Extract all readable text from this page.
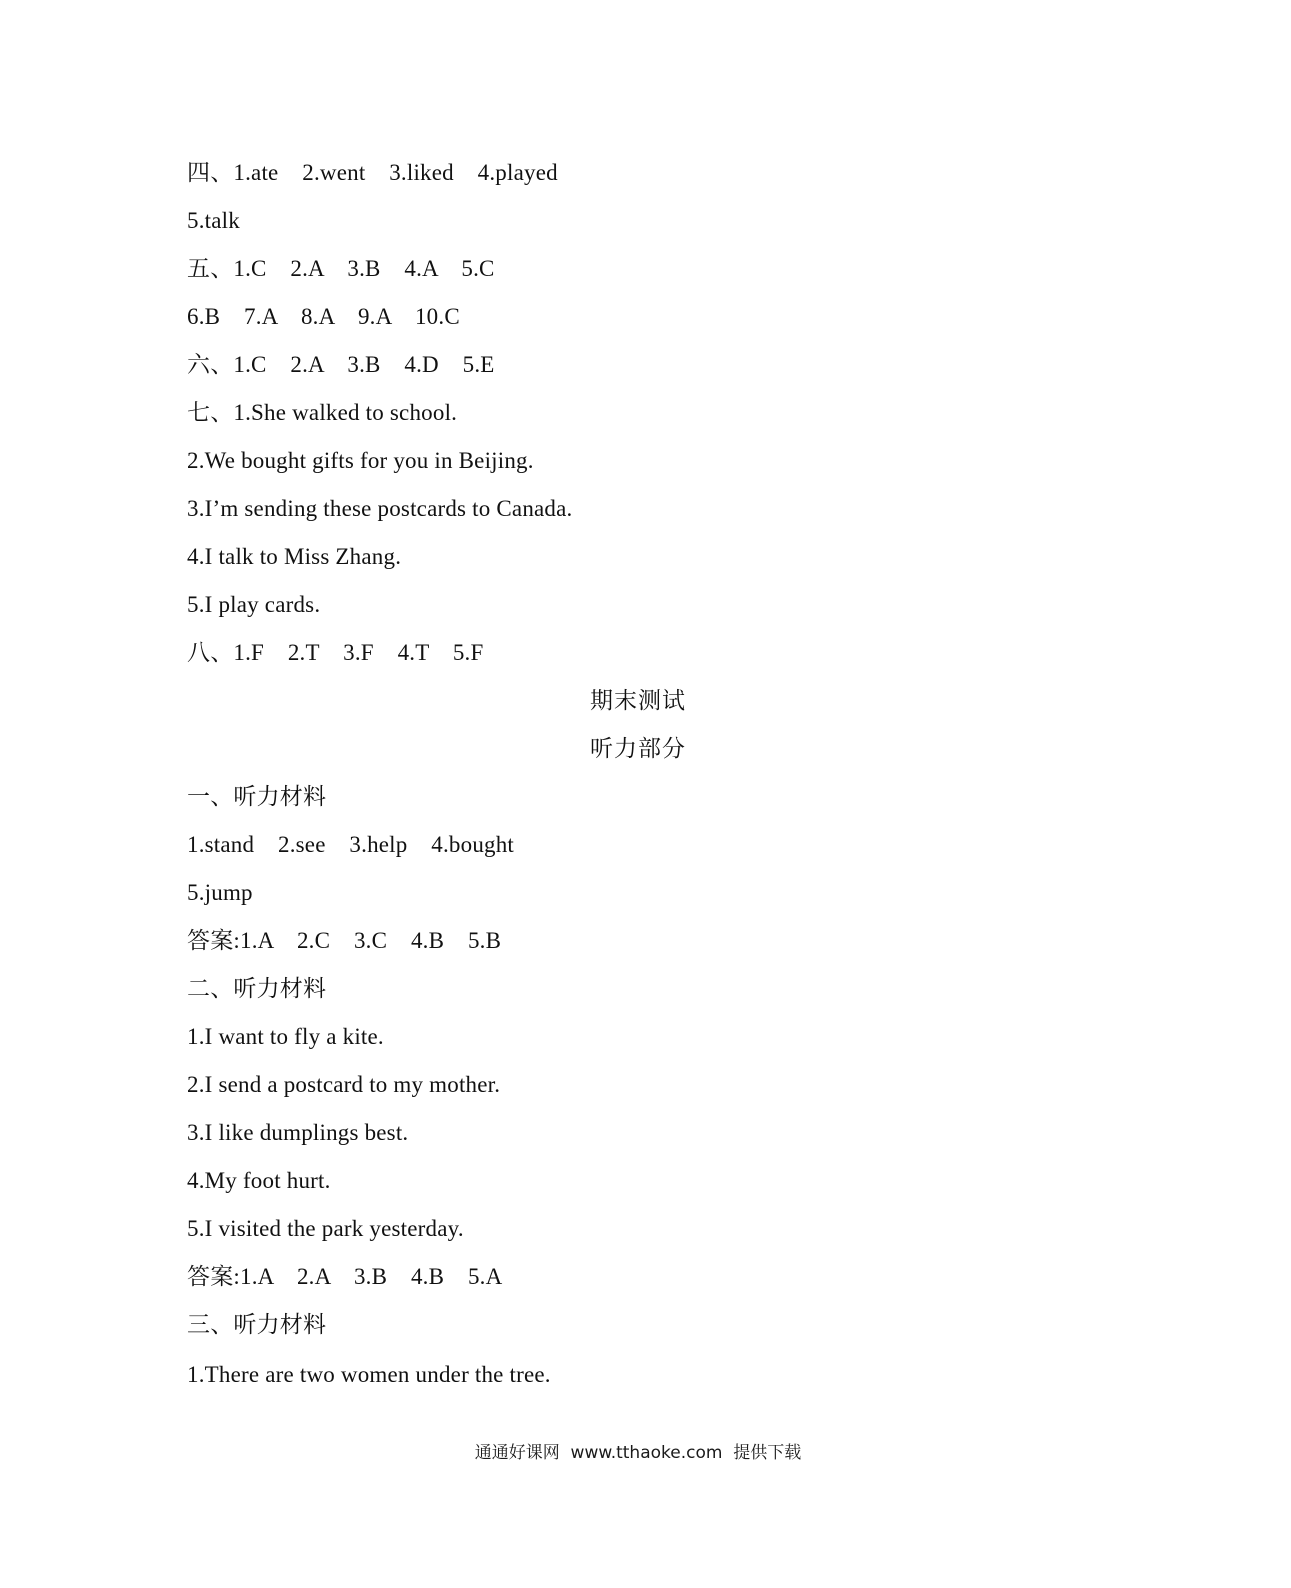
四、1.ate    2.went    3.liked    4.played
5.talk
五、1.C    2.A    3.B    4.A    5.C
6.B    7.A    8.A    9.A    10.C
六、1.C    2.A    3.B    4.D    5.E
七、1.She walked to school.
2.We bought gifts for you in Beijing.
3.I’m sending these postcards to Canada.
4.I talk to Miss Zhang.
5.I play cards.
八、1.F    2.T    3.F    4.T    5.F
期末测试
听力部分
一、听力材料
1.stand    2.see    3.help    4.bought
5.jump
答案:1.A    2.C    3.C    4.B    5.B
二、听力材料
1.I want to fly a kite.
2.I send a postcard to my mother.
3.I like dumplings best.
4.My foot hurt.
5.I visited the park yesterday.
答案:1.A    2.A    3.B    4.B    5.A
三、听力材料
1.There are two women under the tree.
通通好课网  www.tthaoke.com  提供下载
